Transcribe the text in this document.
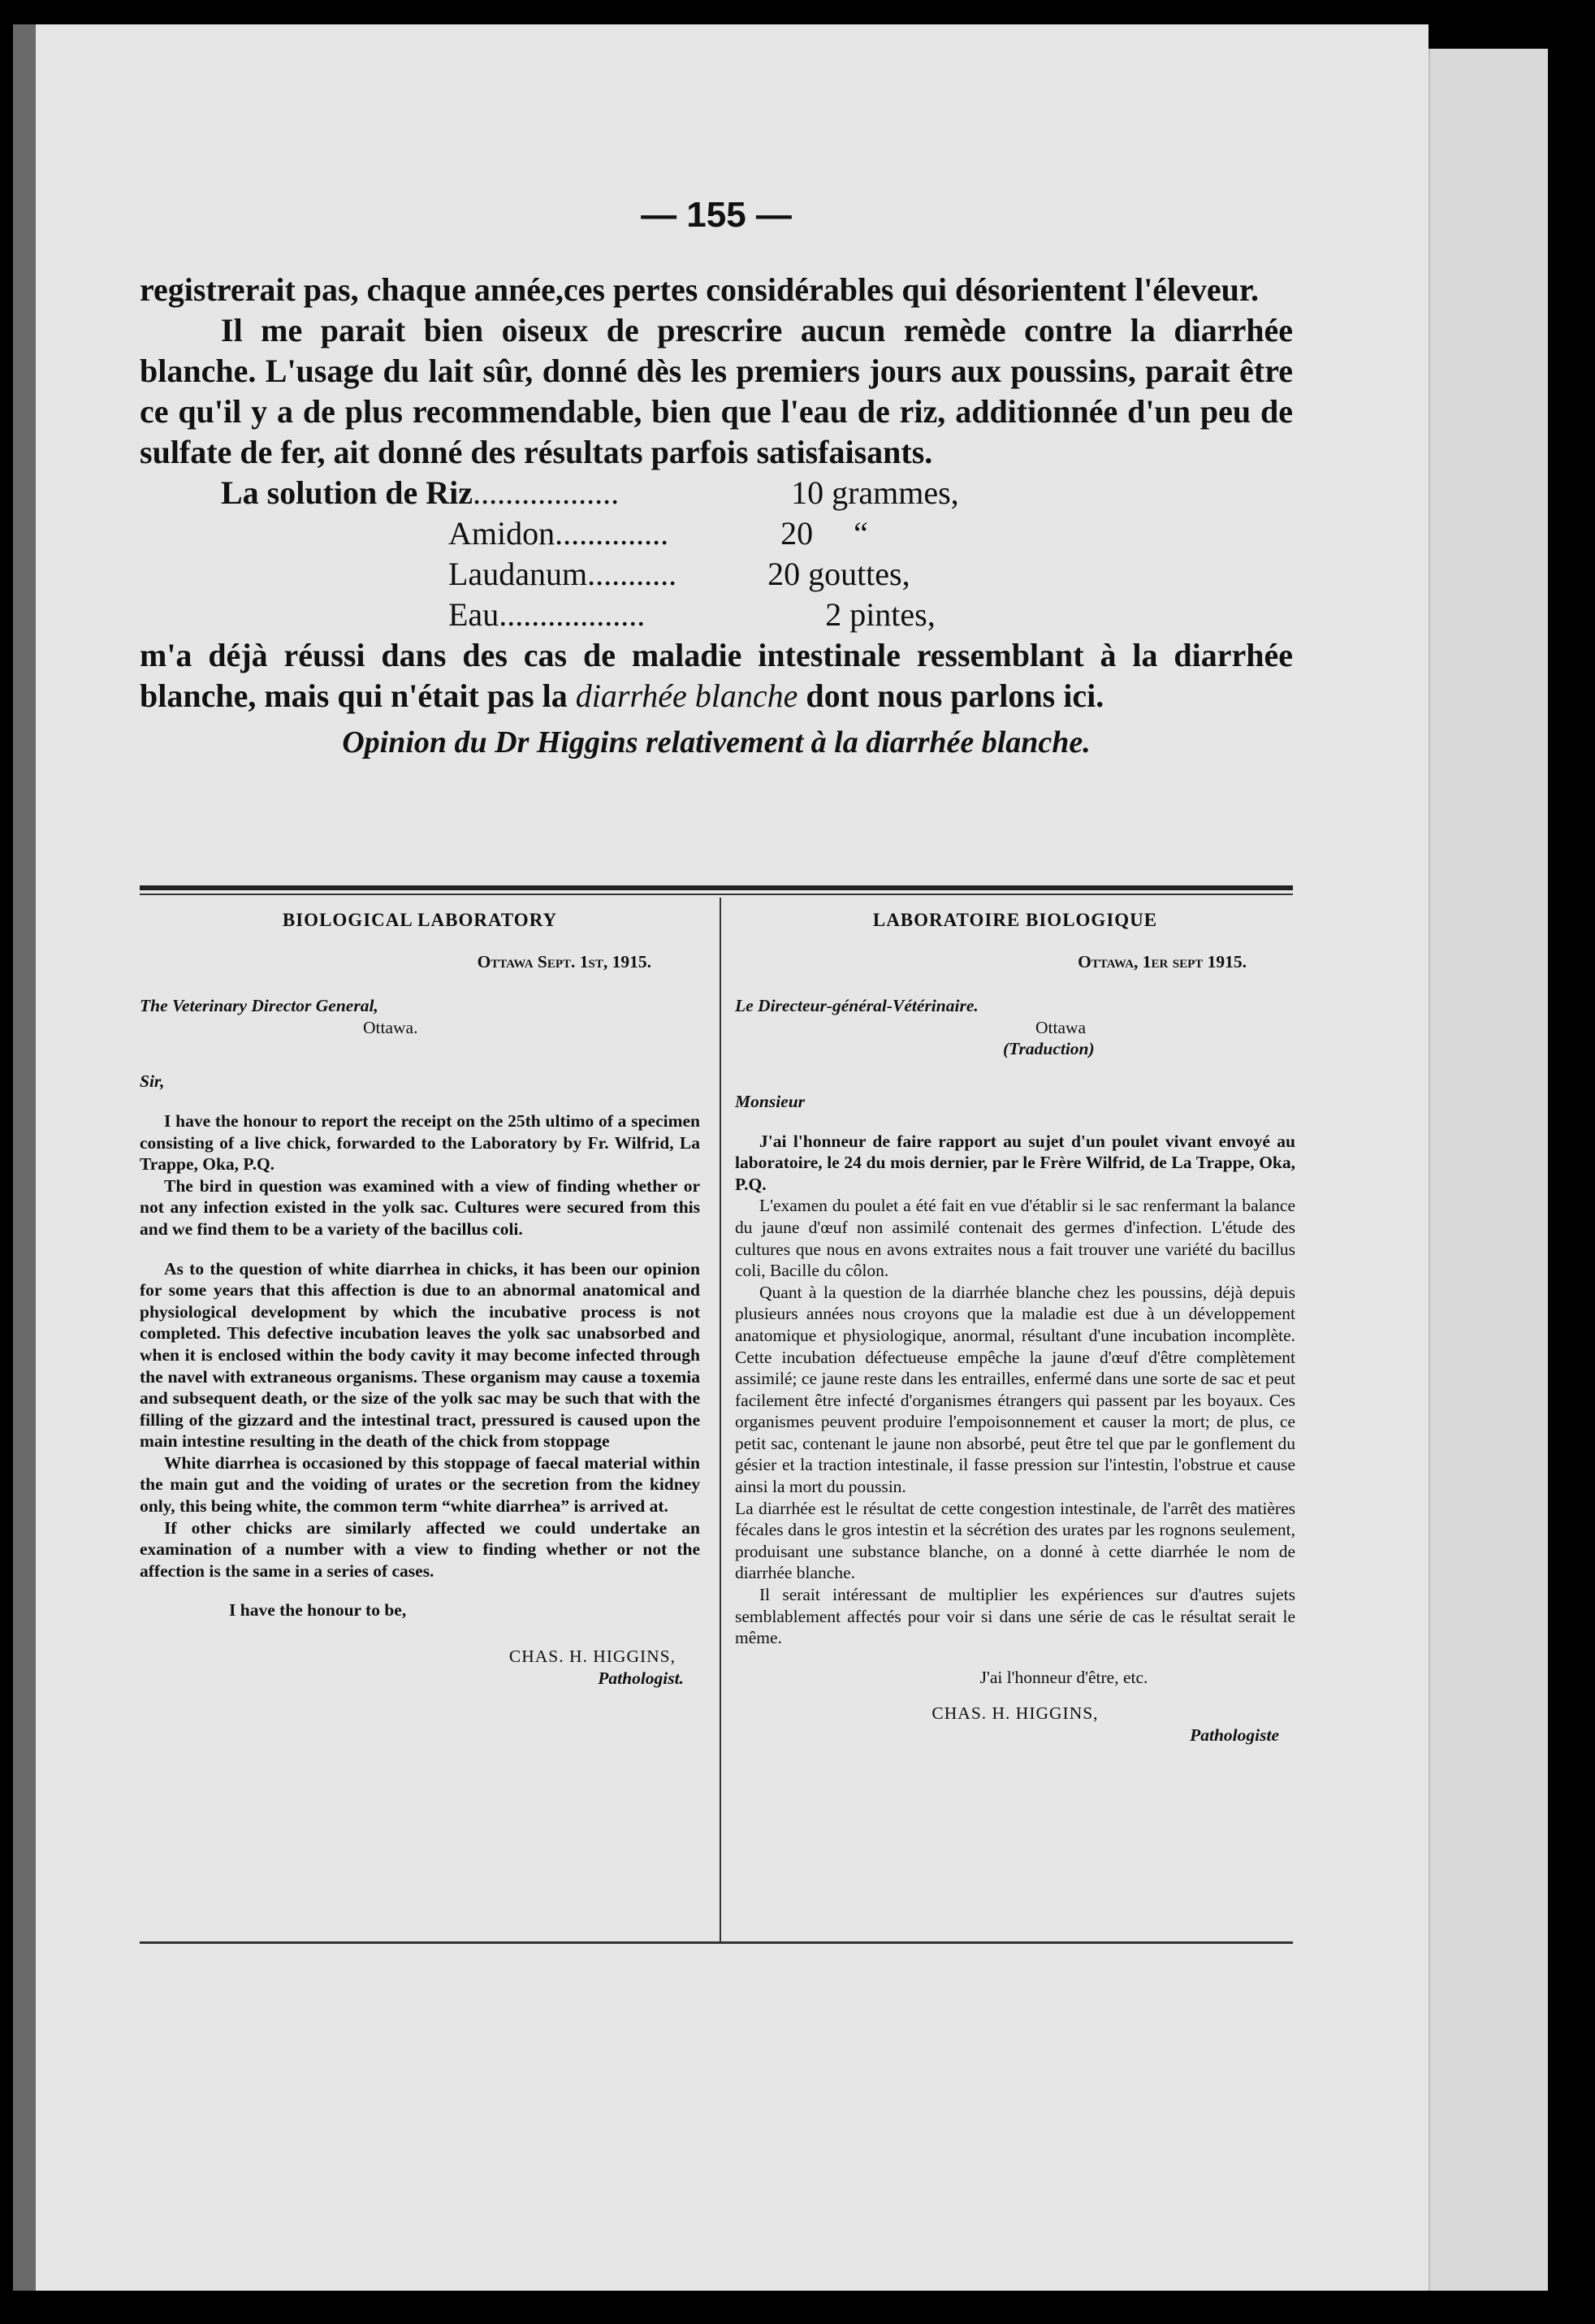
— 155 —

registrerait pas, chaque année,ces pertes considérables qui désorientent l'éleveur.

Il me parait bien oiseux de prescrire aucun remède contre la diarrhée blanche. L'usage du lait sûr, donné dès les premiers jours aux poussins, parait être ce qu'il y a de plus recommendable, bien que l'eau de riz, additionnée d'un peu de sulfate de fer, ait donné des résultats parfois satisfaisants.

La solution de Riz ..................	10 grammes,
Amidon ..............	20     “
Laudanum ...........	20 gouttes,
Eau ..................	2 pintes,

m'a déjà réussi dans des cas de maladie intestinale ressemblant à la diarrhée blanche, mais qui n'était pas la diarrhée blanche dont nous parlons ici.

Opinion du Dr Higgins relativement à la diarrhée blanche.

BIOLOGICAL LABORATORY

Ottawa Sept. 1st, 1915.

The Veterinary Director General,

Ottawa.

Sir,

I have the honour to report the receipt on the 25th ultimo of a specimen consisting of a live chick, forwarded to the Laboratory by Fr. Wilfrid, La Trappe, Oka, P.Q.

The bird in question was examined with a view of finding whether or not any infection existed in the yolk sac. Cultures were secured from this and we find them to be a variety of the bacillus coli.

As to the question of white diarrhea in chicks, it has been our opinion for some years that this affection is due to an abnormal anatomical and physiological development by which the incubative process is not completed. This defective incubation leaves the yolk sac unabsorbed and when it is enclosed within the body cavity it may become infected through the navel with extraneous organisms. These organism may cause a toxemia and subsequent death, or the size of the yolk sac may be such that with the filling of the gizzard and the intestinal tract, pressured is caused upon the main intestine resulting in the death of the chick from stoppage

White diarrhea is occasioned by this stoppage of faecal material within the main gut and the voiding of urates or the secretion from the kidney only, this being white, the common term “white diarrhea” is arrived at.

If other chicks are similarly affected we could undertake an examination of a number with a view to finding whether or not the affection is the same in a series of cases.

I have the honour to be,

CHAS. H. HIGGINS,

Pathologist.

LABORATOIRE BIOLOGIQUE

Ottawa, 1er sept 1915.

Le Directeur-général-Vétérinaire.

Ottawa

(Traduction)

Monsieur

J'ai l'honneur de faire rapport au sujet d'un poulet vivant envoyé au laboratoire, le 24 du mois dernier, par le Frère Wilfrid, de La Trappe, Oka, P.Q.

L'examen du poulet a été fait en vue d'établir si le sac renfermant la balance du jaune d'œuf non assimilé contenait des germes d'infection. L'étude des cultures que nous en avons extraites nous a fait trouver une variété du bacillus coli, Bacille du côlon.

Quant à la question de la diarrhée blanche chez les poussins, déjà depuis plusieurs années nous croyons que la maladie est due à un développement anatomique et physiologique, anormal, résultant d'une incubation incomplète. Cette incubation défectueuse empêche la jaune d'œuf d'être complètement assimilé; ce jaune reste dans les entrailles, enfermé dans une sorte de sac et peut facilement être infecté d'organismes étrangers qui passent par les boyaux. Ces organismes peuvent produire l'empoisonnement et causer la mort; de plus, ce petit sac, contenant le jaune non absorbé, peut être tel que par le gonflement du gésier et la traction intestinale, il fasse pression sur l'intestin, l'obstrue et cause ainsi la mort du poussin.

La diarrhée est le résultat de cette congestion intestinale, de l'arrêt des matières fécales dans le gros intestin et la sécrétion des urates par les rognons seulement, produisant une substance blanche, on a donné à cette diarrhée le nom de diarrhée blanche.

Il serait intéressant de multiplier les expériences sur d'autres sujets semblablement affectés pour voir si dans une série de cas le résultat serait le même.

J'ai l'honneur d'être, etc.

CHAS. H. HIGGINS,

Pathologiste
